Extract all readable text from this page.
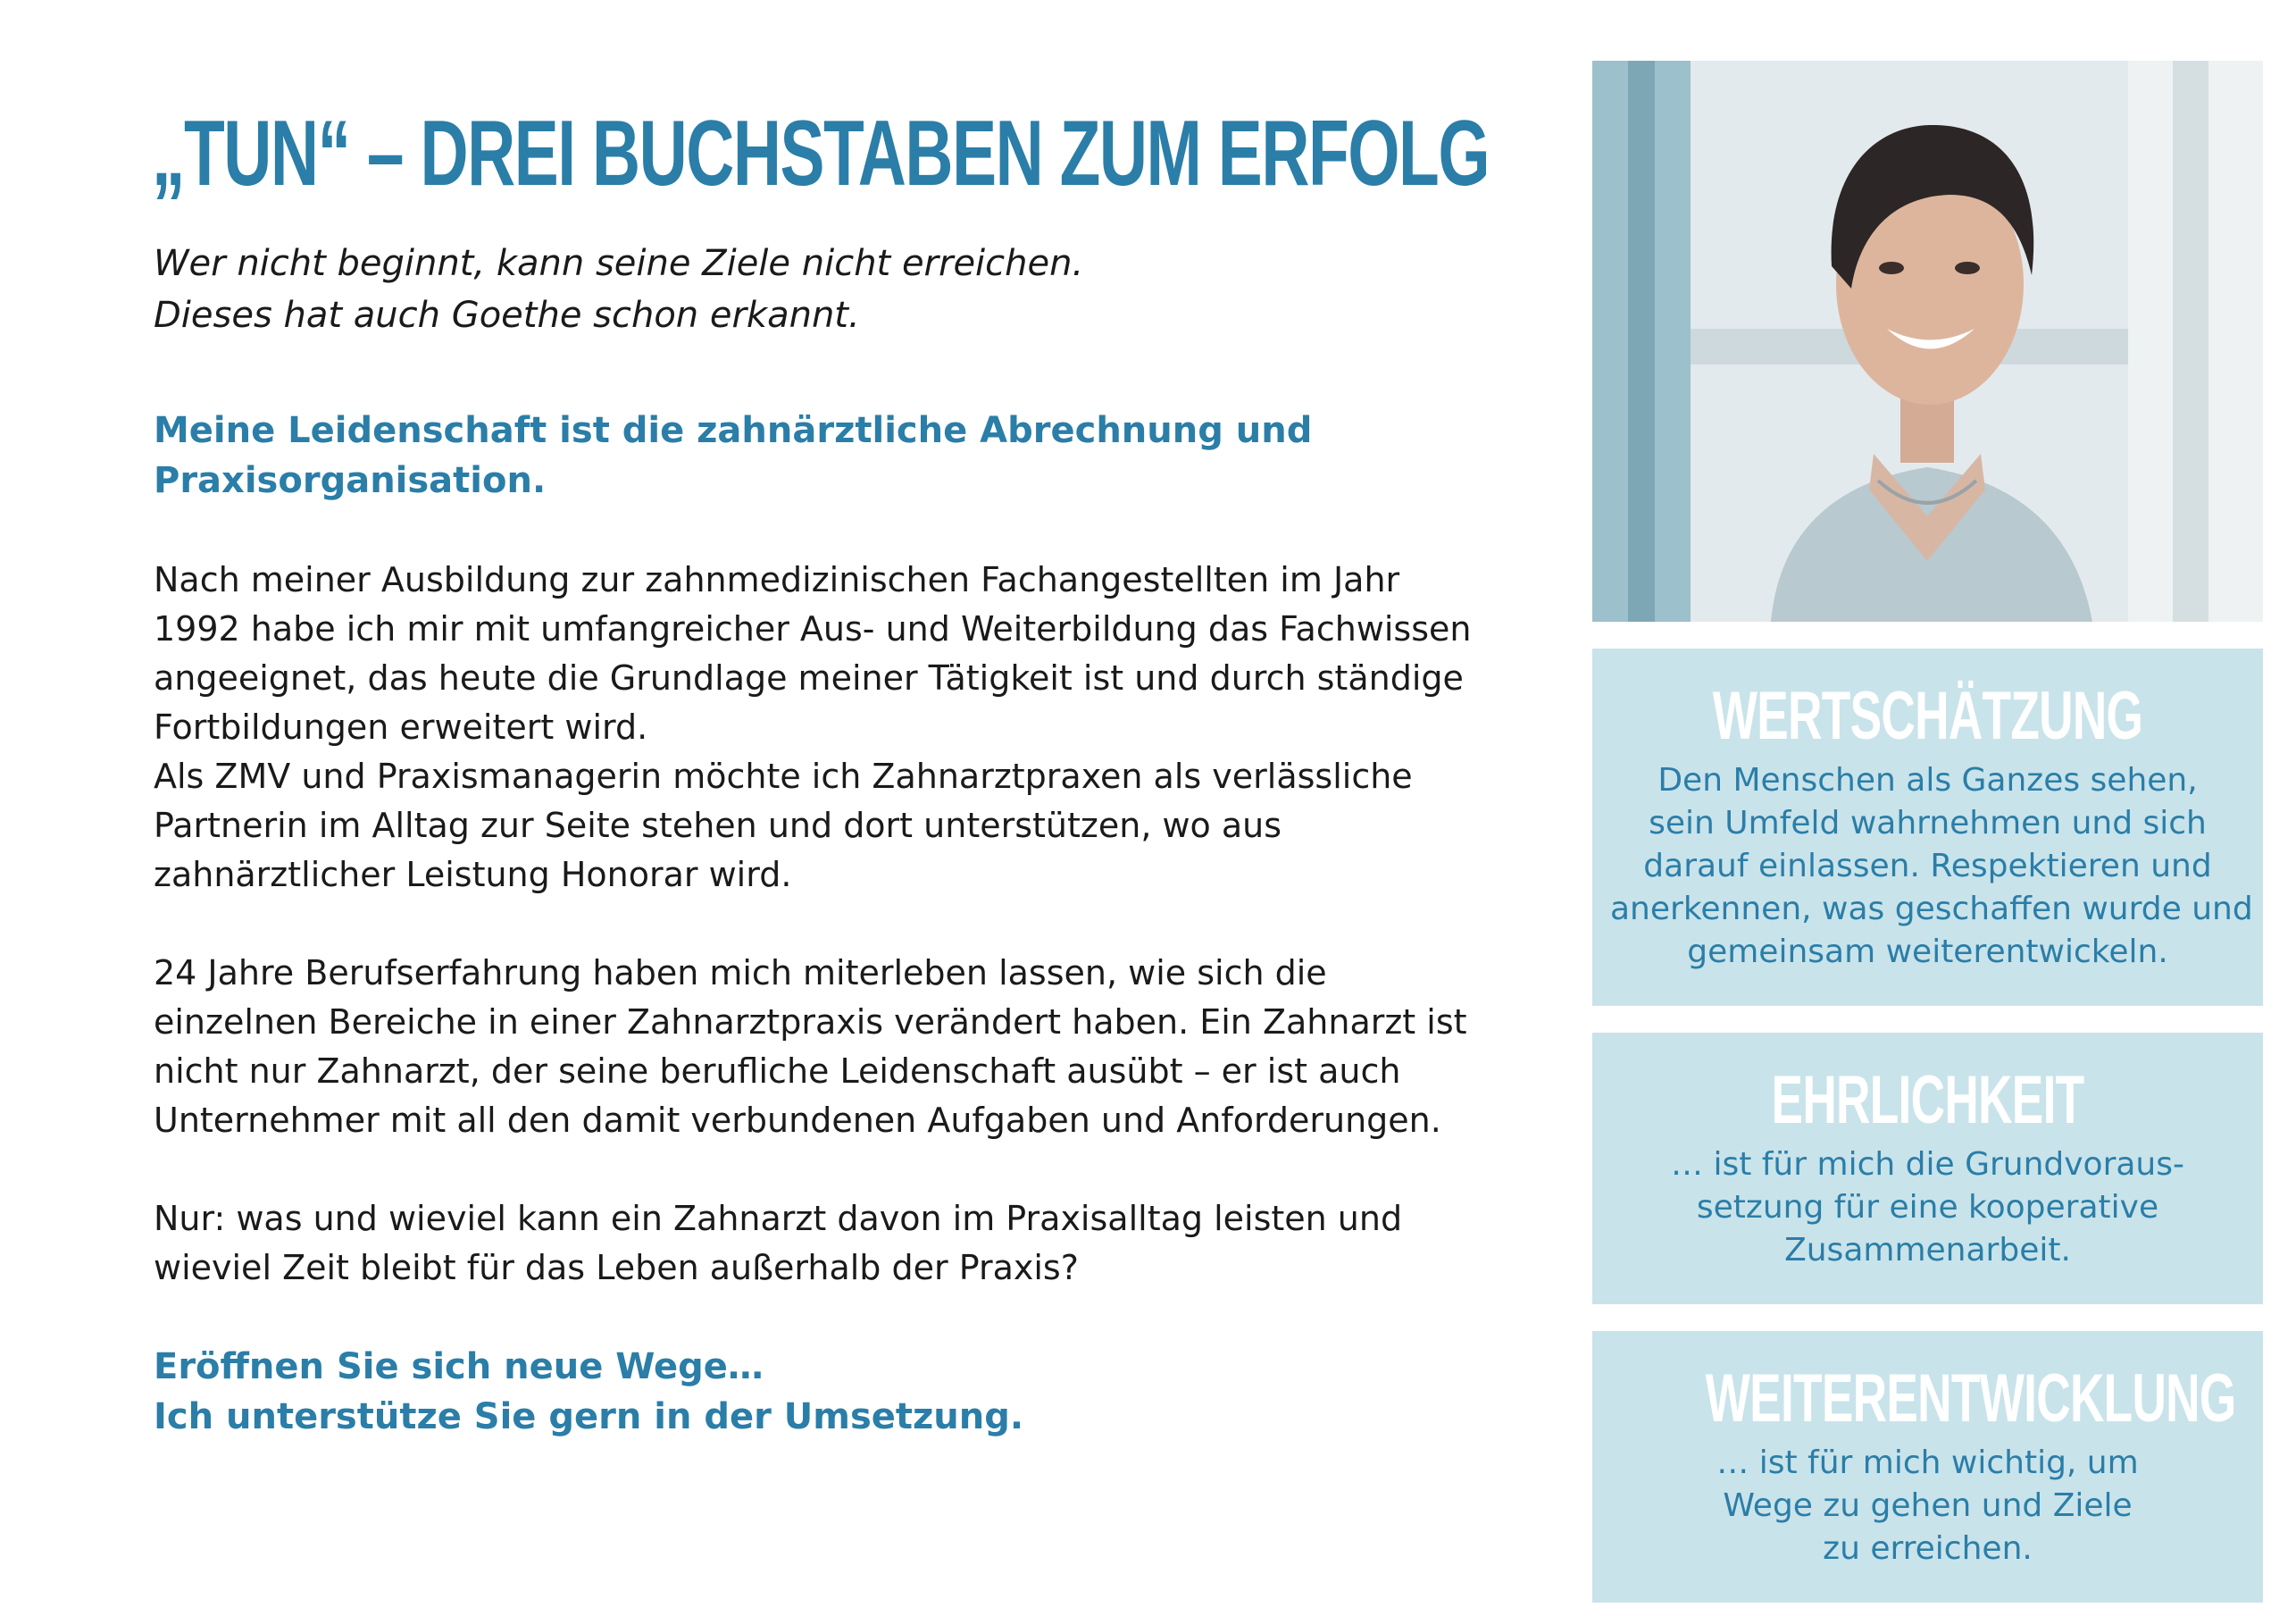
„TUN“ – DREI BUCHSTABEN ZUM ERFOLG
Wer nicht beginnt, kann seine Ziele nicht erreichen.
Dieses hat auch Goethe schon erkannt.
Meine Leidenschaft ist die zahnärztliche Abrechnung und
Praxisorganisation.

Nach meiner Ausbildung zur zahnmedizinischen Fachangestellten im Jahr
1992 habe ich mir mit umfangreicher Aus- und Weiterbildung das Fachwissen
angeeignet, das heute die Grundlage meiner Tätigkeit ist und durch ständige
Fortbildungen erweitert wird.
Als ZMV und Praxismanagerin möchte ich Zahnarztpraxen als verlässliche
Partnerin im Alltag zur Seite stehen und dort unterstützen, wo aus
zahnärztlicher Leistung Honorar wird.

24 Jahre Berufserfahrung haben mich miterleben lassen, wie sich die
einzelnen Bereiche in einer Zahnarztpraxis verändert haben. Ein Zahnarzt ist
nicht nur Zahnarzt, der seine berufliche Leidenschaft ausübt – er ist auch
Unternehmer mit all den damit verbundenen Aufgaben und Anforderungen.

Nur: was und wieviel kann ein Zahnarzt davon im Praxisalltag leisten und
wieviel Zeit bleibt für das Leben außerhalb der Praxis?

Eröffnen Sie sich neue Wege…
Ich unterstütze Sie gern in der Umsetzung.
WERTSCHÄTZUNG
Den Menschen als Ganzes sehen,
sein Umfeld wahrnehmen und sich
darauf einlassen. Respektieren und
anerkennen, was geschaffen wurde und
gemeinsam weiterentwickeln.
EHRLICHKEIT
… ist für mich die Grundvoraus-
setzung für eine kooperative
Zusammenarbeit.
WEITERENTWICKLUNG
… ist für mich wichtig, um
Wege zu gehen und Ziele
zu erreichen.
